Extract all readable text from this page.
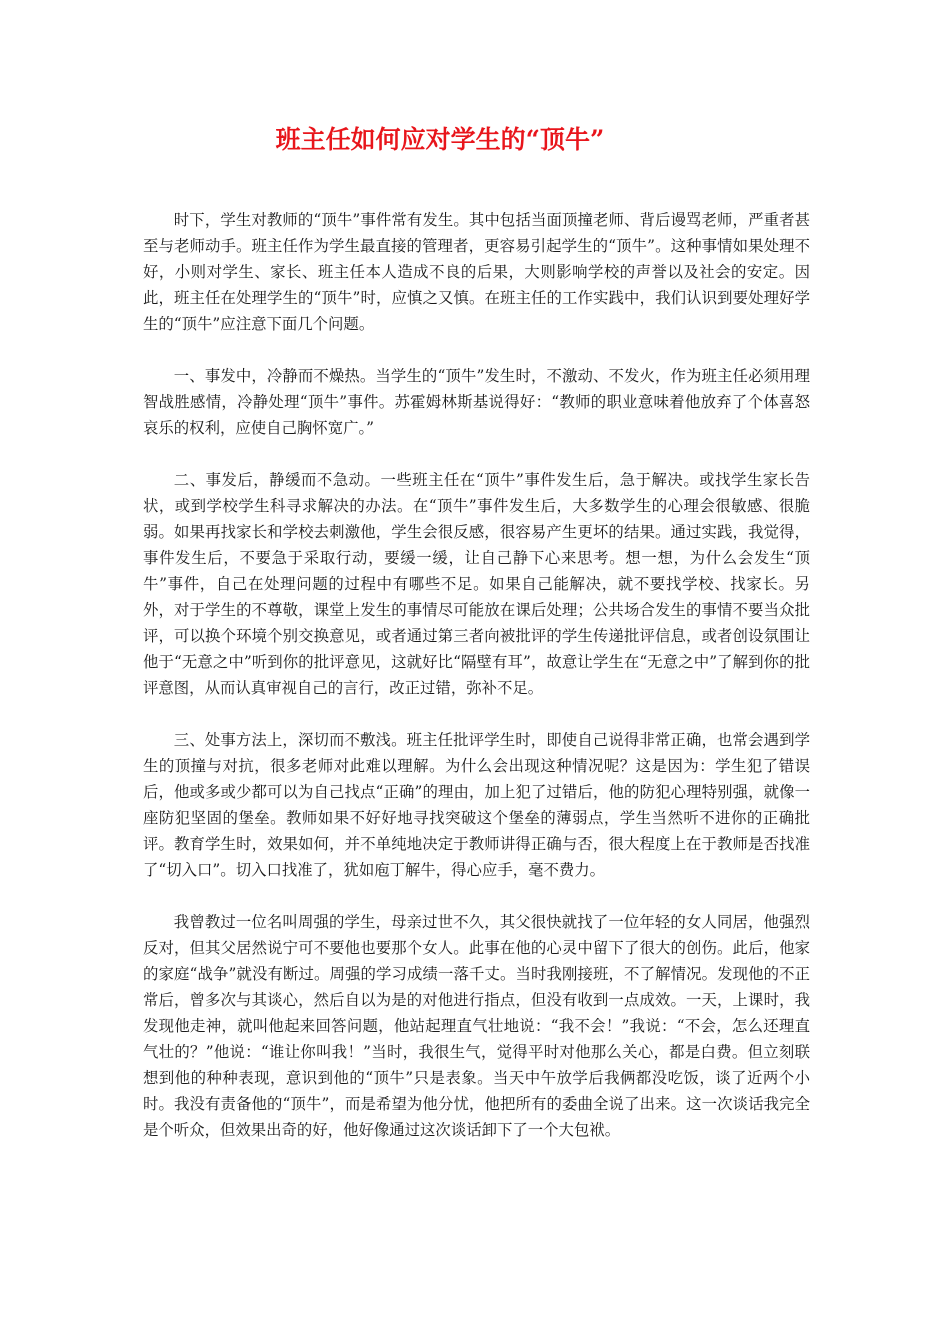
班主任如何应对学生的“顶牛”

时下，学生对教师的“顶牛”事件常有发生。其中包括当面顶撞老师、背后谩骂老师，严重者甚至与老师动手。班主任作为学生最直接的管理者，更容易引起学生的“顶牛”。这种事情如果处理不好，小则对学生、家长、班主任本人造成不良的后果，大则影响学校的声誉以及社会的安定。因此，班主任在处理学生的“顶牛”时，应慎之又慎。在班主任的工作实践中，我们认识到要处理好学生的“顶牛”应注意下面几个问题。

一、事发中，冷静而不燥热。当学生的“顶牛”发生时，不激动、不发火，作为班主任必须用理智战胜感情，冷静处理“顶牛”事件。苏霍姆林斯基说得好：“教师的职业意味着他放弃了个体喜怒哀乐的权利，应使自己胸怀宽广。”

二、事发后，静缓而不急动。一些班主任在“顶牛”事件发生后，急于解决。或找学生家长告状，或到学校学生科寻求解决的办法。在“顶牛”事件发生后，大多数学生的心理会很敏感、很脆弱。如果再找家长和学校去刺激他，学生会很反感，很容易产生更坏的结果。通过实践，我觉得，事件发生后，不要急于采取行动，要缓一缓，让自己静下心来思考。想一想，为什么会发生“顶牛”事件，自己在处理问题的过程中有哪些不足。如果自己能解决，就不要找学校、找家长。另外，对于学生的不尊敬，课堂上发生的事情尽可能放在课后处理；公共场合发生的事情不要当众批评，可以换个环境个别交换意见，或者通过第三者向被批评的学生传递批评信息，或者创设氛围让他于“无意之中”听到你的批评意见，这就好比“隔壁有耳”，故意让学生在“无意之中”了解到你的批评意图，从而认真审视自己的言行，改正过错，弥补不足。

三、处事方法上，深切而不敷浅。班主任批评学生时，即使自己说得非常正确，也常会遇到学生的顶撞与对抗，很多老师对此难以理解。为什么会出现这种情况呢？这是因为：学生犯了错误后，他或多或少都可以为自己找点“正确”的理由，加上犯了过错后，他的防犯心理特别强，就像一座防犯坚固的堡垒。教师如果不好好地寻找突破这个堡垒的薄弱点，学生当然听不进你的正确批评。教育学生时，效果如何，并不单纯地决定于教师讲得正确与否，很大程度上在于教师是否找准了“切入口”。切入口找准了，犹如庖丁解牛，得心应手，毫不费力。

我曾教过一位名叫周强的学生，母亲过世不久，其父很快就找了一位年轻的女人同居，他强烈反对，但其父居然说宁可不要他也要那个女人。此事在他的心灵中留下了很大的创伤。此后，他家的家庭“战争”就没有断过。周强的学习成绩一落千丈。当时我刚接班，不了解情况。发现他的不正常后，曾多次与其谈心，然后自以为是的对他进行指点，但没有收到一点成效。一天，上课时，我发现他走神，就叫他起来回答问题，他站起理直气壮地说：“我不会！”我说：“不会，怎么还理直气壮的？”他说：“谁让你叫我！”当时，我很生气，觉得平时对他那么关心，都是白费。但立刻联想到他的种种表现，意识到他的“顶牛”只是表象。当天中午放学后我俩都没吃饭，谈了近两个小时。我没有责备他的“顶牛”，而是希望为他分忧，他把所有的委曲全说了出来。这一次谈话我完全是个听众，但效果出奇的好，他好像通过这次谈话卸下了一个大包袱。
